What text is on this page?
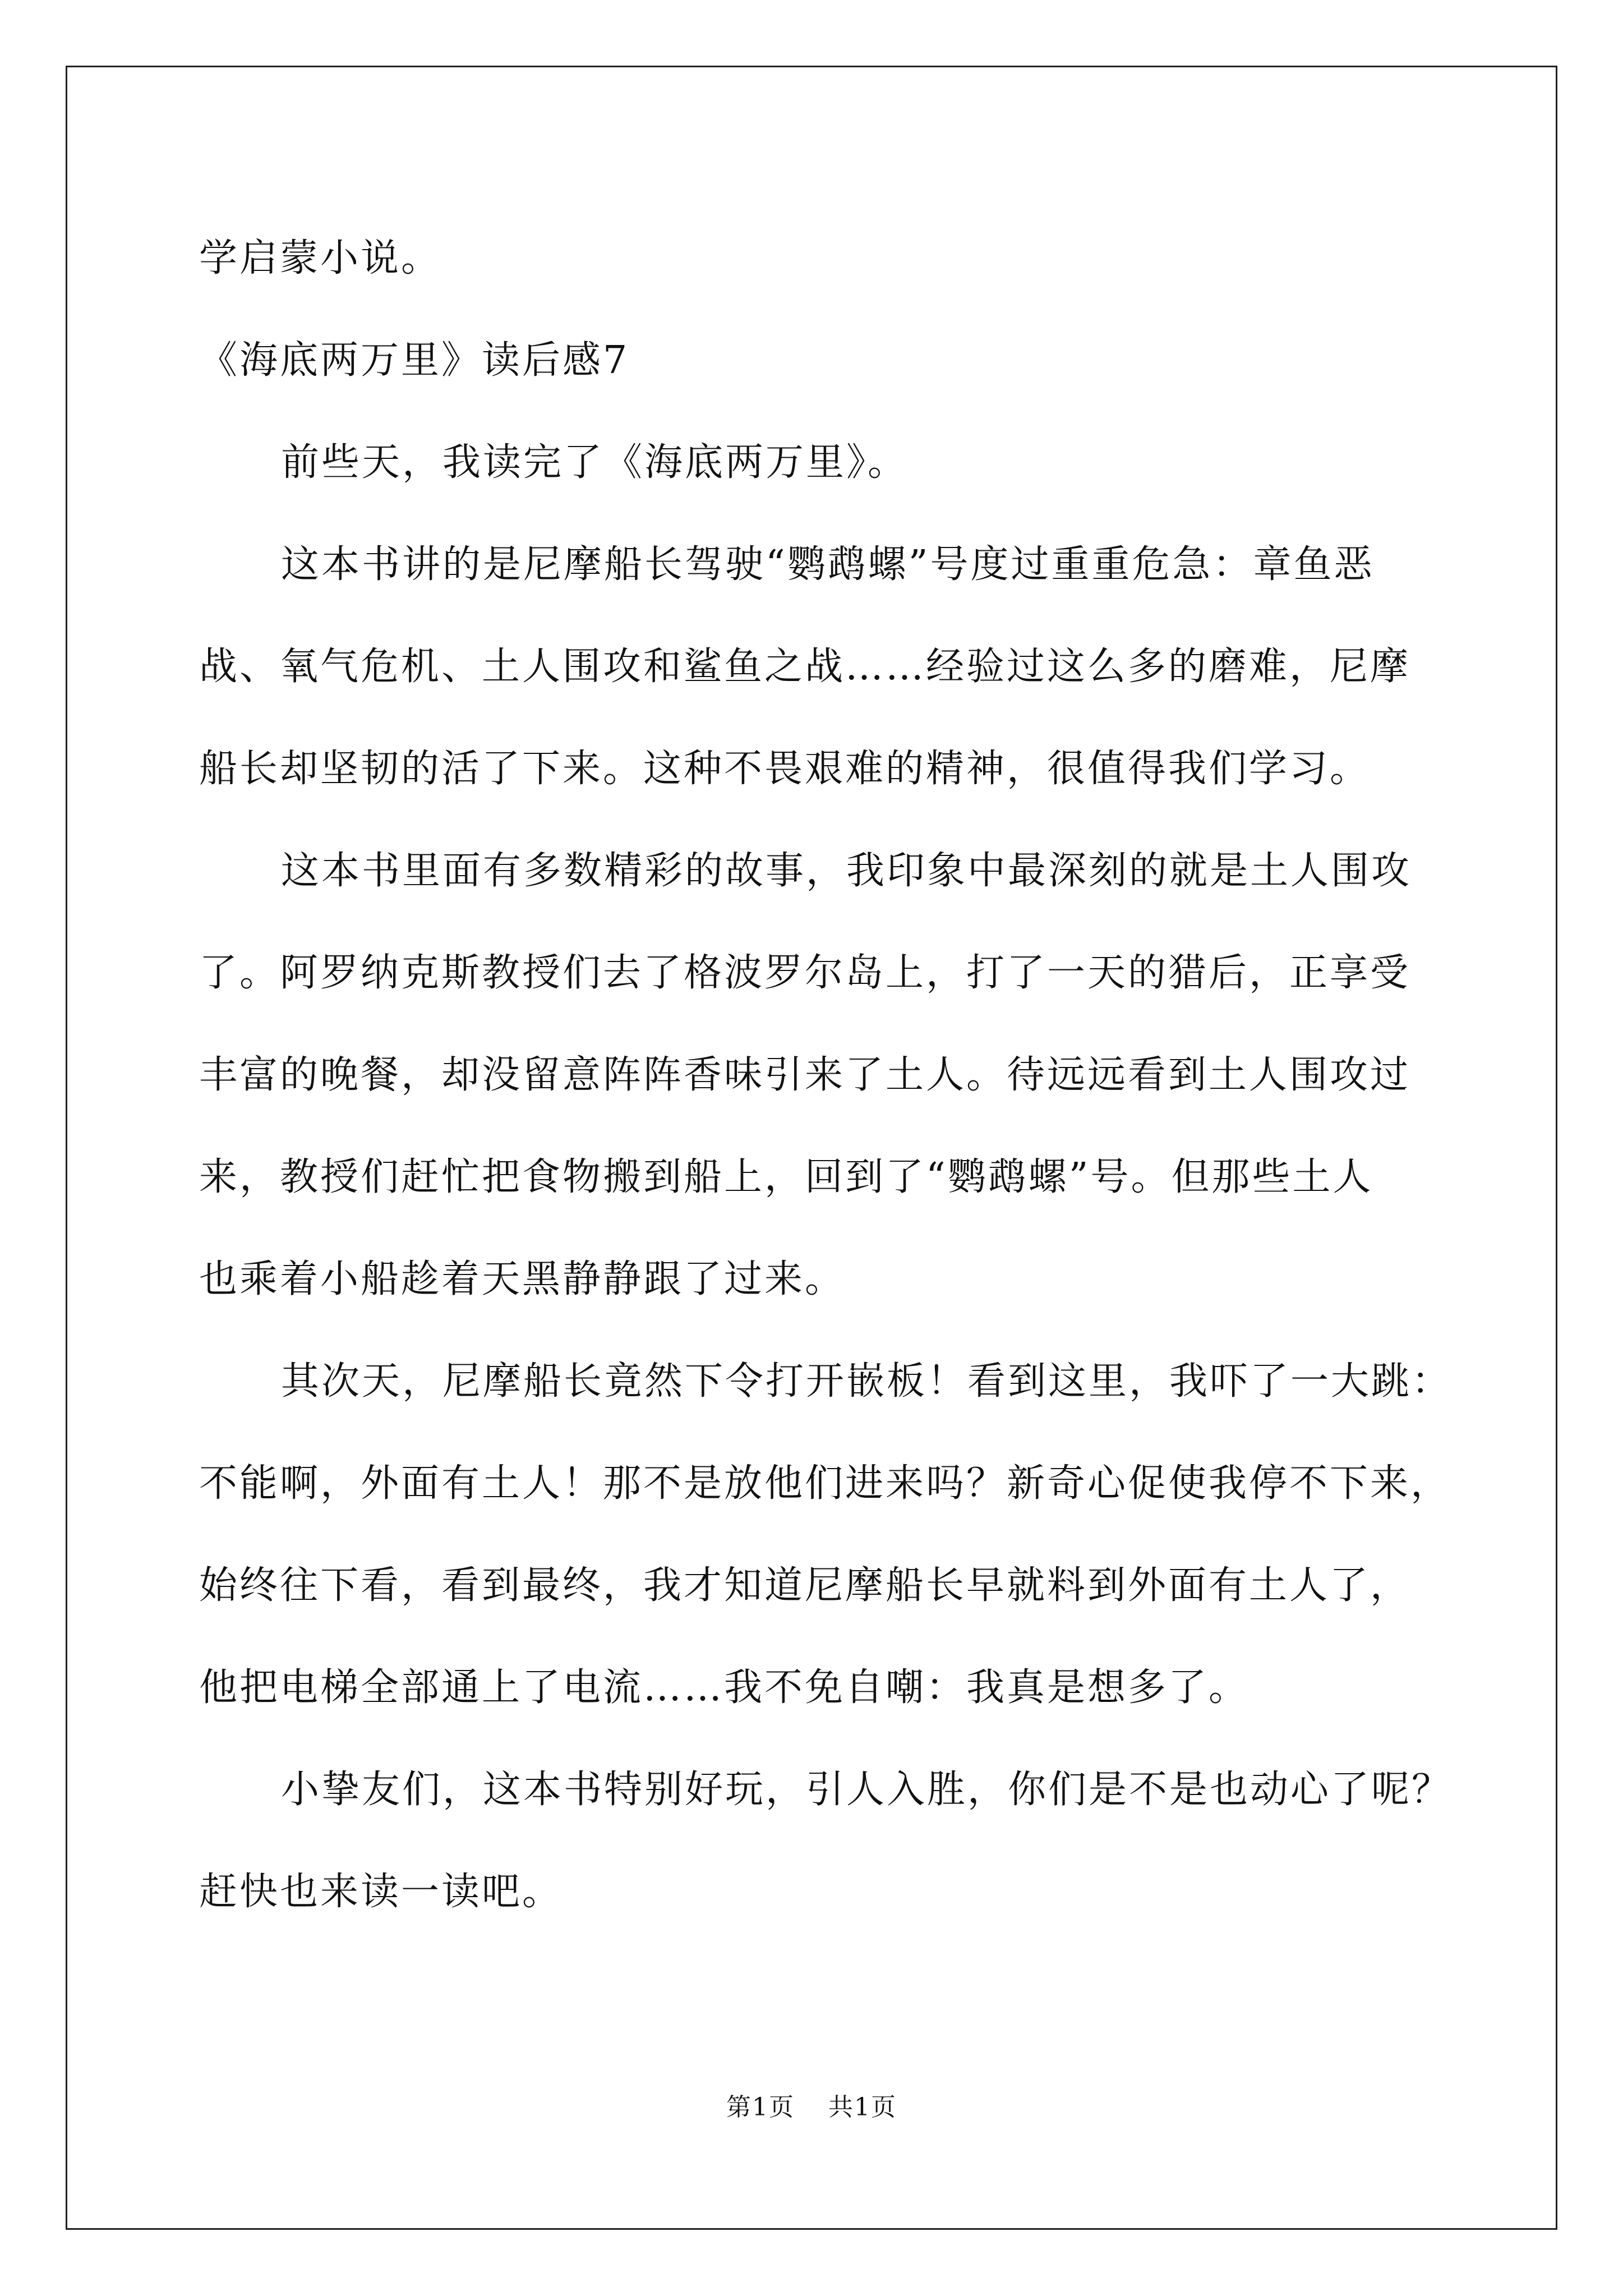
学启蒙小说。
《海底两万里》读后感7
前些天，我读完了《海底两万里》。
这本书讲的是尼摩船长驾驶“鹦鹉螺”号度过重重危急：章鱼恶
战、氧气危机、土人围攻和鲨鱼之战……经验过这么多的磨难，尼摩
船长却坚韧的活了下来。这种不畏艰难的精神，很值得我们学习。
这本书里面有多数精彩的故事，我印象中最深刻的就是土人围攻
了。阿罗纳克斯教授们去了格波罗尔岛上，打了一天的猎后，正享受
丰富的晚餐，却没留意阵阵香味引来了土人。待远远看到土人围攻过
来，教授们赶忙把食物搬到船上，回到了“鹦鹉螺”号。但那些土人
也乘着小船趁着天黑静静跟了过来。
其次天，尼摩船长竟然下令打开嵌板！看到这里，我吓了一大跳：
不能啊，外面有土人！那不是放他们进来吗？新奇心促使我停不下来，
始终往下看，看到最终，我才知道尼摩船长早就料到外面有土人了，
他把电梯全部通上了电流……我不免自嘲：我真是想多了。
小挚友们，这本书特别好玩，引人入胜，你们是不是也动心了呢？
赶快也来读一读吧。
第1页 共1页
